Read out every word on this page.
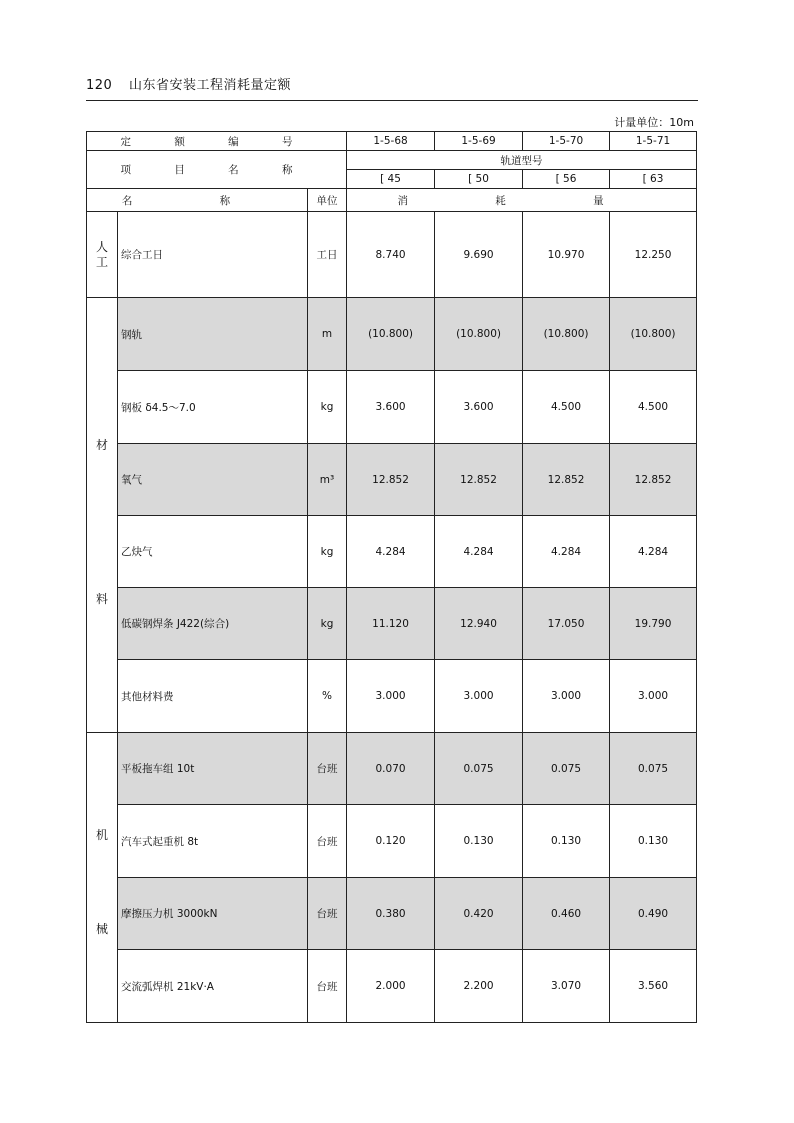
120 山东省安装工程消耗量定额
计量单位：10m
定 额 编 号			1-5-68	1-5-69	1-5-70	1-5-71
项 目 名 称			轨道型号			
			[ 45	[ 50	[ 56	[ 63
名 称		单位	消 耗 量			
人工	综合工日	工日	8.740	9.690	10.970	12.250

材
料	钢轨	m	(10.800)	(10.800)	(10.800)	(10.800)
	钢板 δ4.5～7.0	kg	3.600	3.600	4.500	4.500
	氧气	m³	12.852	12.852	12.852	12.852
	乙炔气	kg	4.284	4.284	4.284	4.284
	低碳钢焊条 J422(综合)	kg	11.120	12.940	17.050	19.790
	其他材料费	%	3.000	3.000	3.000	3.000

机
械	平板拖车组 10t	台班	0.070	0.075	0.075	0.075
	汽车式起重机 8t	台班	0.120	0.130	0.130	0.130
	摩擦压力机 3000kN	台班	0.380	0.420	0.460	0.490
	交流弧焊机 21kV·A	台班	2.000	2.200	3.070	3.560
